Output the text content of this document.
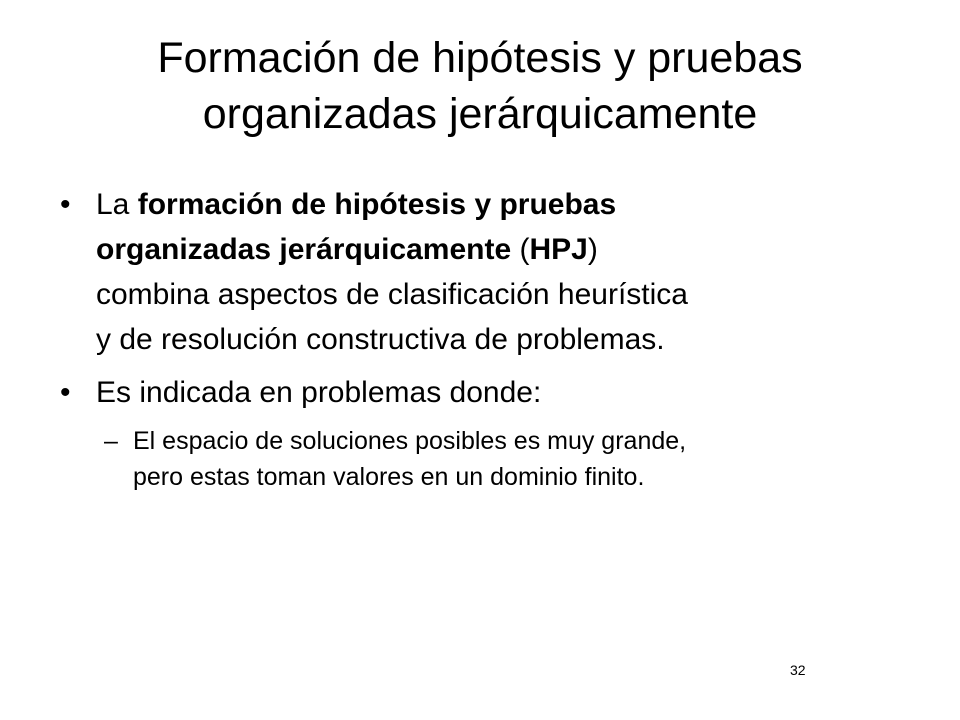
Formación de hipótesis y pruebas
organizadas jerárquicamente
• La formación de hipótesis y pruebas
organizadas jerárquicamente (HPJ)
combina aspectos de clasificación heurística
y de resolución constructiva de problemas.
• Es indicada en problemas donde:
– El espacio de soluciones posibles es muy grande,
pero estas toman valores en un dominio finito.
32
